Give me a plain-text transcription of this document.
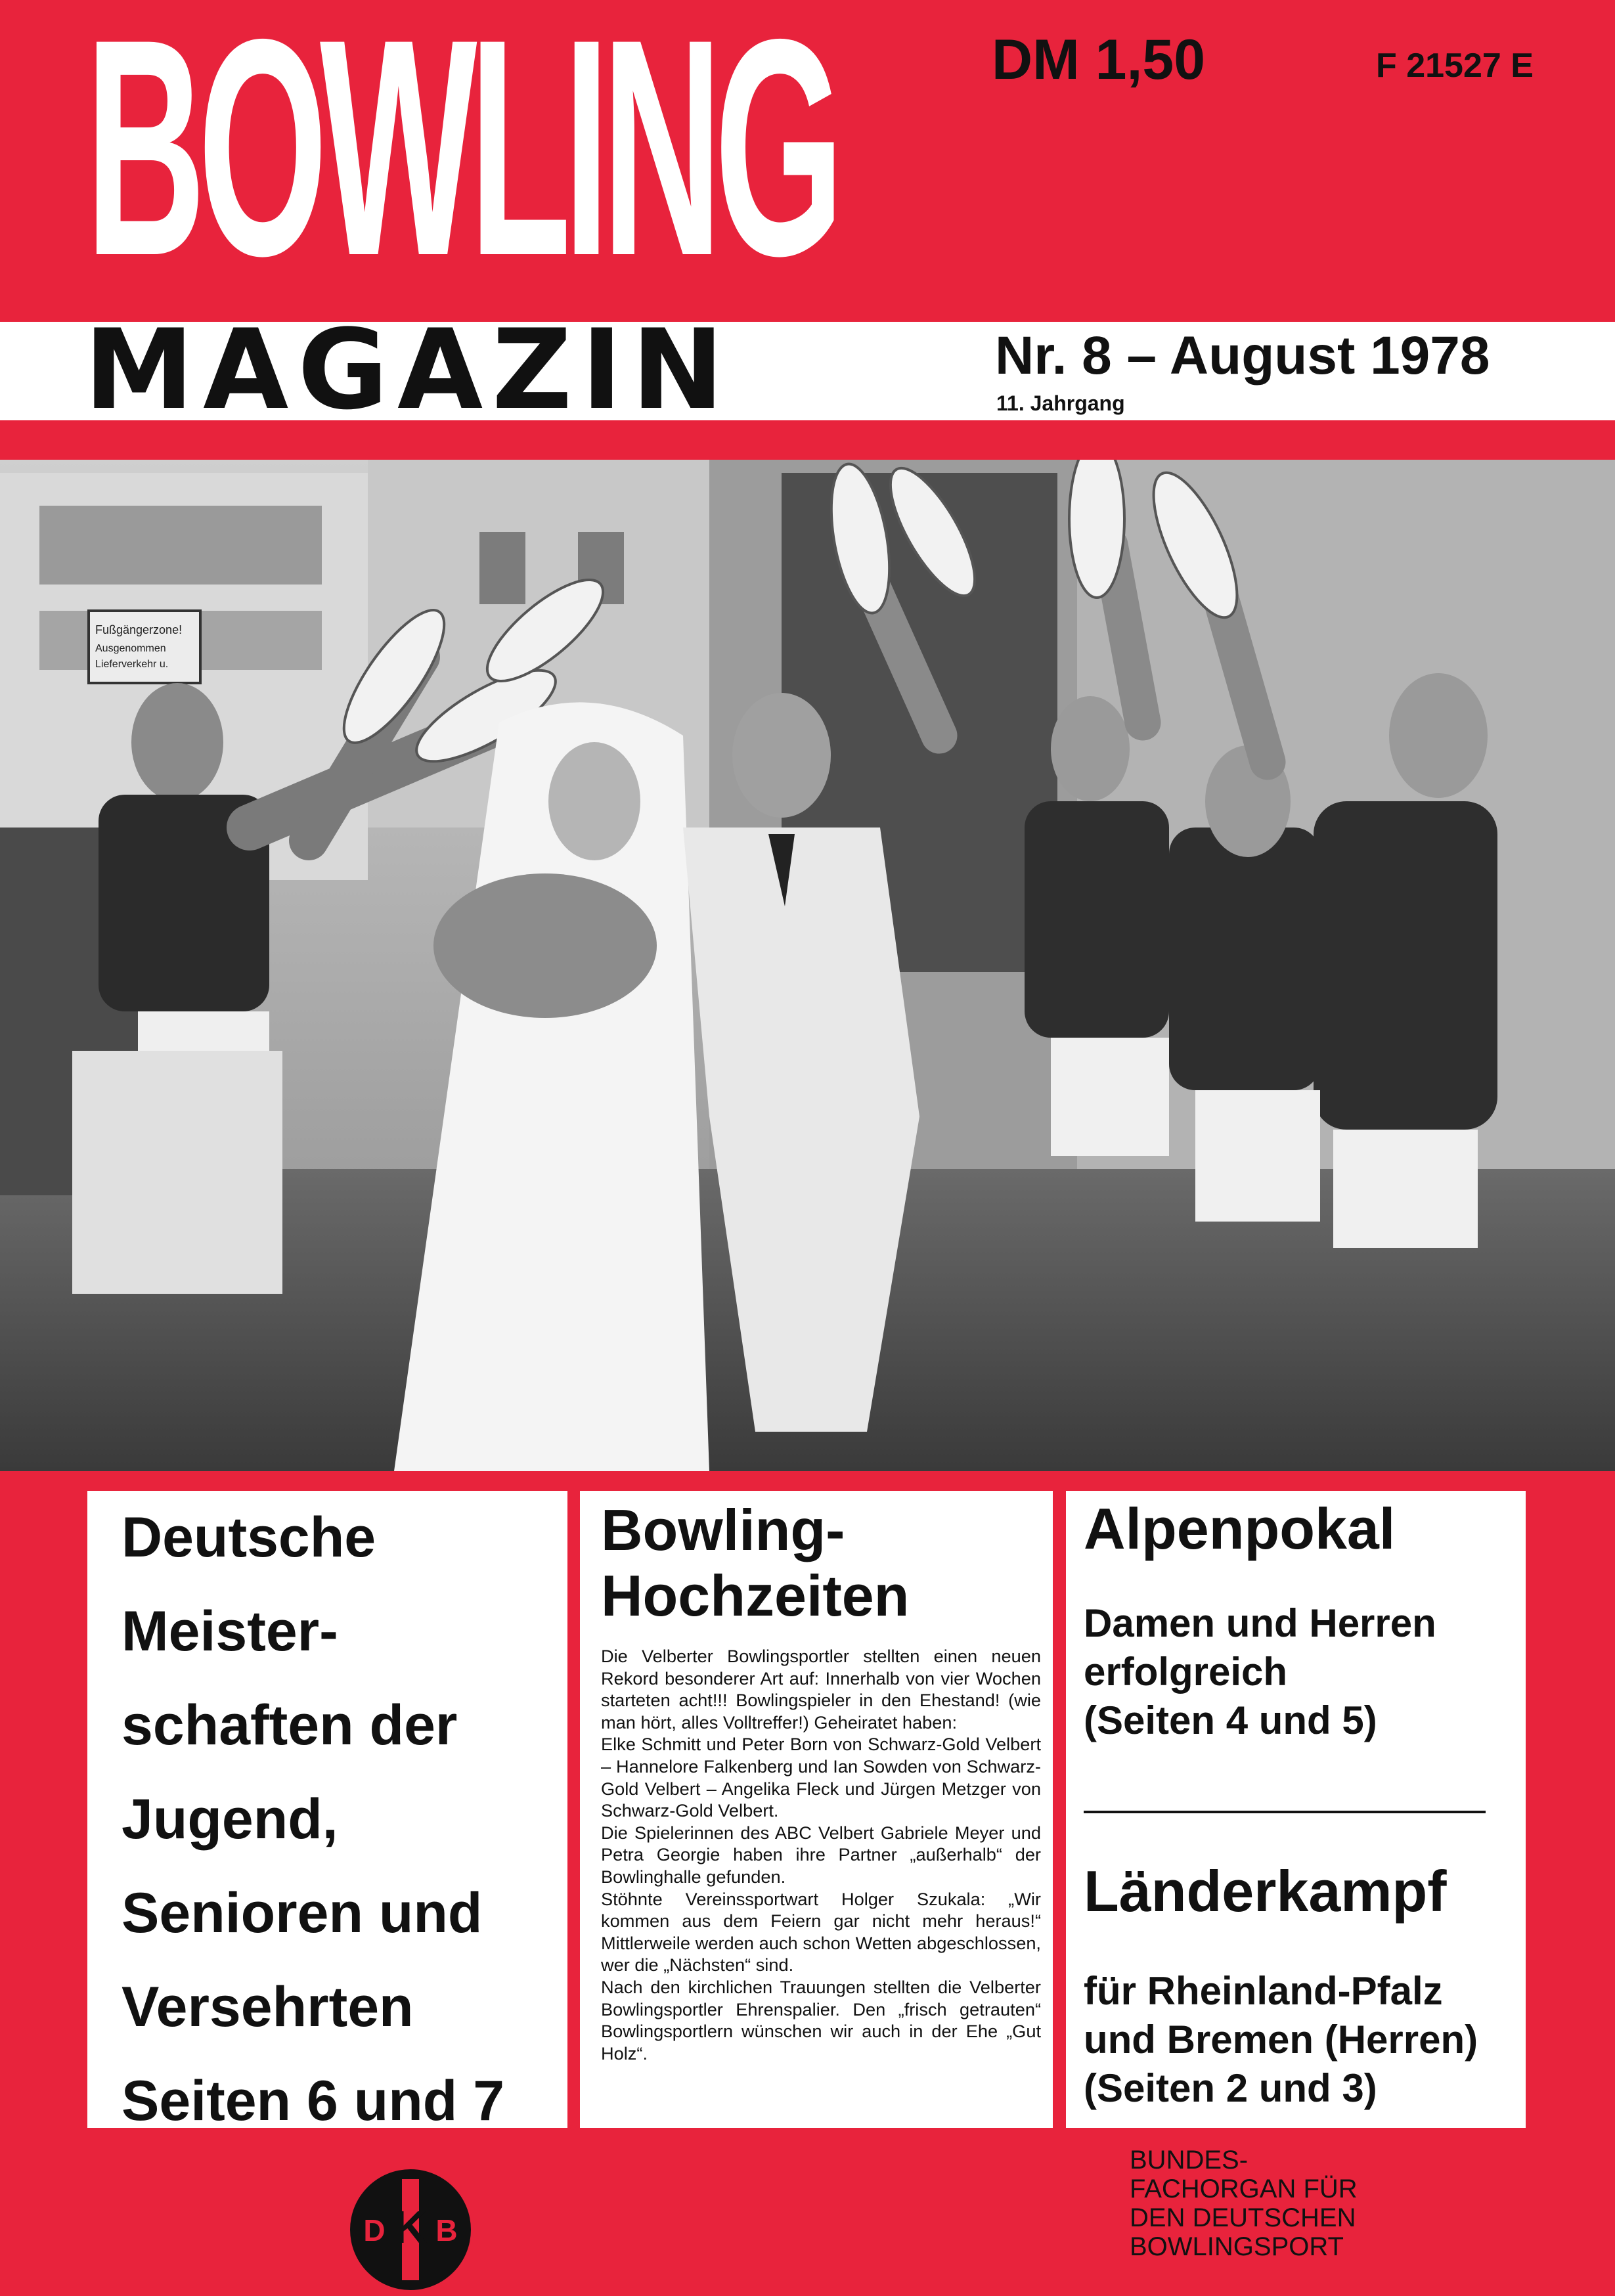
BOWLING
MAGAZIN
DM 1,50	F 21527 E
Nr. 8 – August 1978
11. Jahrgang
Fußgängerzone!
Ausgenommen
Lieferverkehr u.
Deutsche Meister- schaften der Jugend, Senioren und Versehrten Seiten 6 und 7
Bowling- Hochzeiten

Die Velberter Bowlingsportler stellten einen neuen Rekord besonderer Art auf: Innerhalb von vier Wochen starteten acht!!! Bowlingspieler in den Ehestand! (wie man hört, alles Volltreffer!) Geheiratet haben:

Elke Schmitt und Peter Born von Schwarz-Gold Velbert – Hannelore Falkenberg und Ian Sowden von Schwarz-Gold Velbert – Angelika Fleck und Jürgen Metzger von Schwarz-Gold Velbert.

Die Spielerinnen des ABC Velbert Gabriele Meyer und Petra Georgie haben ihre Partner „außerhalb“ der Bowlinghalle gefunden.

Stöhnte Vereinssportwart Holger Szukala: „Wir kommen aus dem Feiern gar nicht mehr heraus!“ Mittlerweile werden auch schon Wetten abgeschlossen, wer die „Nächsten“ sind.

Nach den kirchlichen Trauungen stellten die Velberter Bowlingsportler Ehrenspalier. Den „frisch getrauten“ Bowlingsportlern wünschen wir auch in der Ehe „Gut Holz“.

Alpenpokal
Damen und Herren
erfolgreich
(Seiten 4 und 5)
Länderkampf
für Rheinland-Pfalz
und Bremen (Herren)
(Seiten 2 und 3)
D K B
BUNDES-
FACHORGAN FÜR
DEN DEUTSCHEN
BOWLINGSPORT
